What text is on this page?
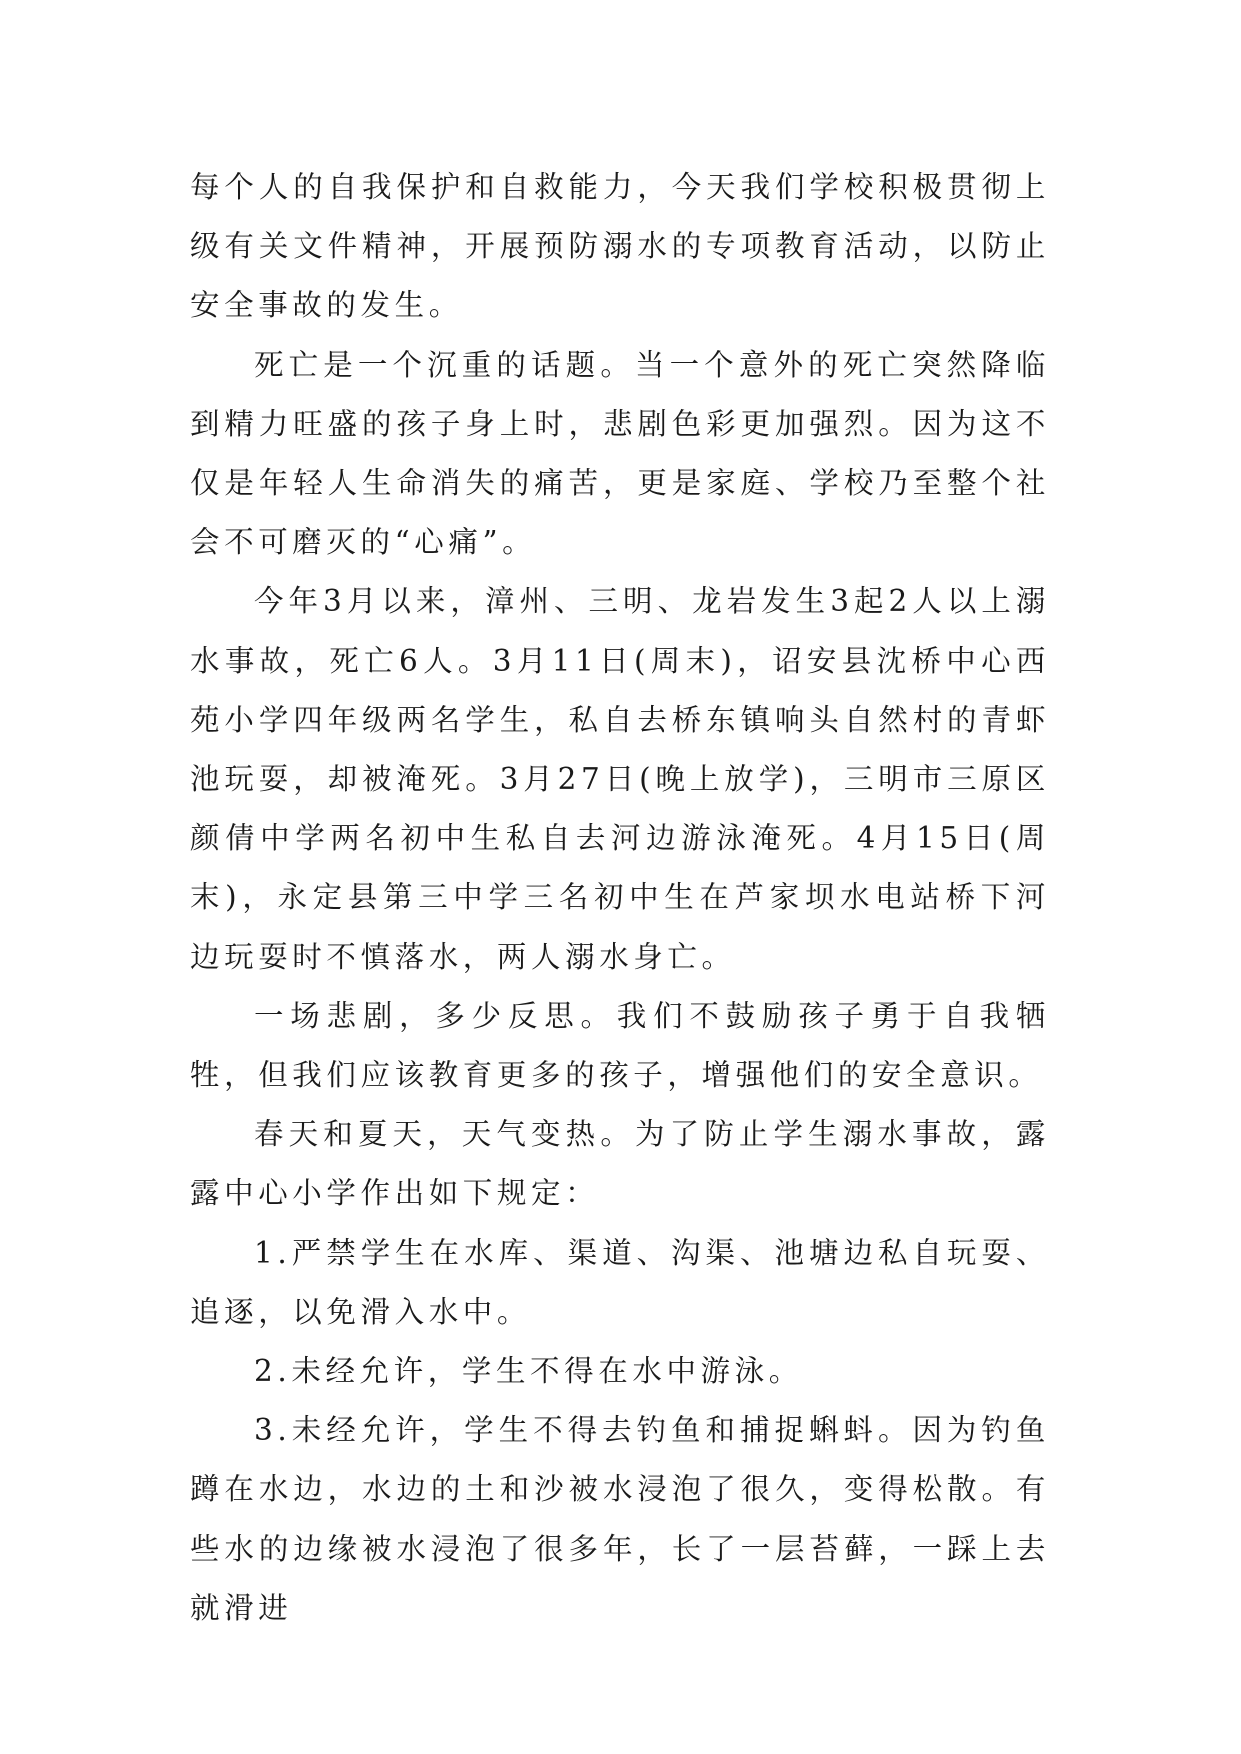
每个人的自我保护和自救能力，今天我们学校积极贯彻上级有关文件精神，开展预防溺水的专项教育活动，以防止安全事故的发生。

死亡是一个沉重的话题。当一个意外的死亡突然降临到精力旺盛的孩子身上时，悲剧色彩更加强烈。因为这不仅是年轻人生命消失的痛苦，更是家庭、学校乃至整个社会不可磨灭的“心痛”。

今年3月以来，漳州、三明、龙岩发生3起2人以上溺水事故，死亡6人。3月11日(周末)，诏安县沈桥中心西苑小学四年级两名学生，私自去桥东镇响头自然村的青虾池玩耍，却被淹死。3月27日(晚上放学)，三明市三原区颜倩中学两名初中生私自去河边游泳淹死。4月15日(周末)，永定县第三中学三名初中生在芦家坝水电站桥下河边玩耍时不慎落水，两人溺水身亡。

一场悲剧，多少反思。我们不鼓励孩子勇于自我牺牲，但我们应该教育更多的孩子，增强他们的安全意识。

春天和夏天，天气变热。为了防止学生溺水事故，露露中心小学作出如下规定：

1.严禁学生在水库、渠道、沟渠、池塘边私自玩耍、追逐，以免滑入水中。

2.未经允许，学生不得在水中游泳。

3.未经允许，学生不得去钓鱼和捕捉蝌蚪。因为钓鱼蹲在水边，水边的土和沙被水浸泡了很久，变得松散。有些水的边缘被水浸泡了很多年，长了一层苔藓，一踩上去就滑进
